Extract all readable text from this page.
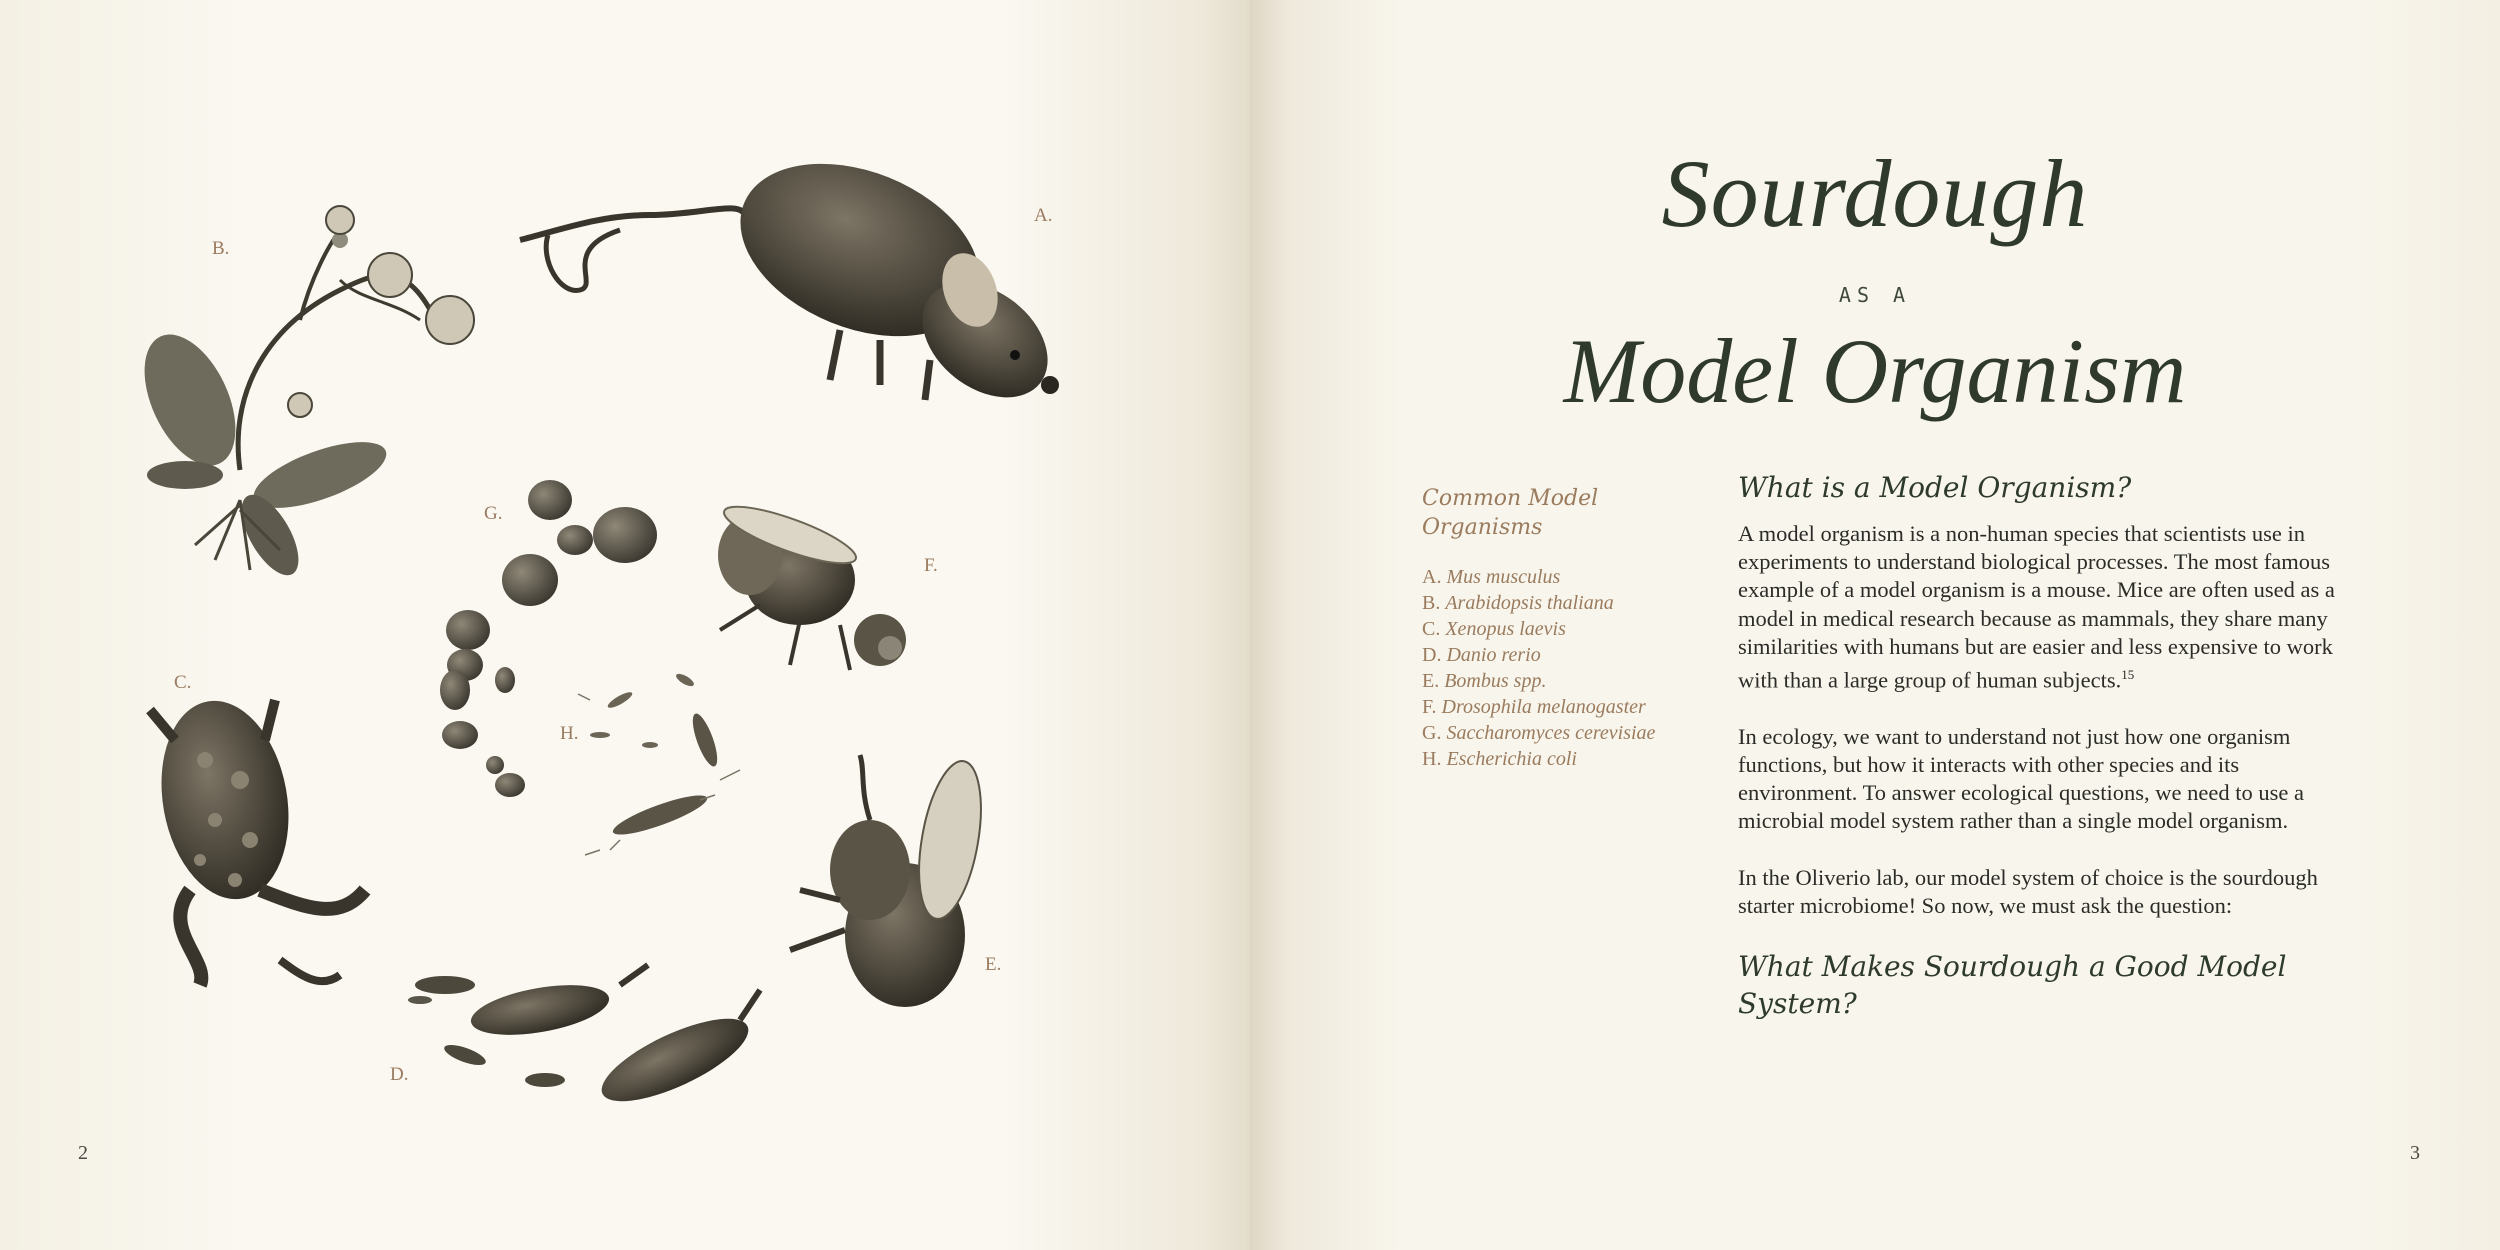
A.
B.
C.
D.
E.
F.
G.
H.
2
Sourdough
AS A
Model Organism
Common Model Organisms
A. Mus musculus
B. Arabidopsis thaliana
C. Xenopus laevis
D. Danio rerio
E. Bombus spp.
F. Drosophila melanogaster
G. Saccharomyces cerevisiae
H. Escherichia coli
What is a Model Organism?

A model organism is a non-human species that scientists use in experiments to understand biological processes. The most famous example of a model organism is a mouse. Mice are often used as a model in medical research because as mammals, they share many similarities with humans but are easier and less expensive to work with than a large group of human subjects.$^{15}$

In ecology, we want to understand not just how one organism functions, but how it interacts with other species and its environment. To answer ecological questions, we need to use a microbial model system rather than a single model organism.

In the Oliverio lab, our model system of choice is the sourdough starter microbiome! So now, we must ask the question:

What Makes Sourdough a Good Model System?
3
